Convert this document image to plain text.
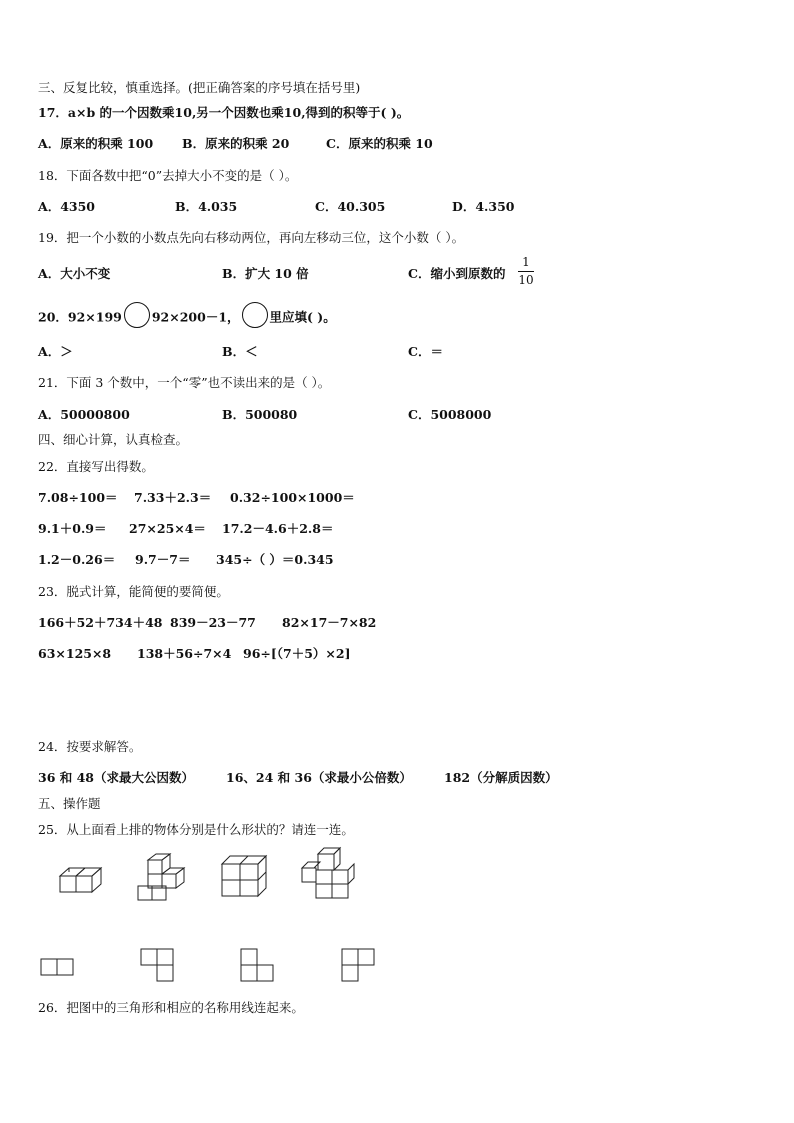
三、反复比较，慎重选择。(把正确答案的序号填在括号里)
17．a×b 的一个因数乘10,另一个因数也乘10,得到的积等于( )。
A．原来的积乘 100 B．原来的积乘 20	C．原来的积乘 10
18．下面各数中把“0”去掉大小不变的是（ ）。
A．4350	B．4.035	C．40.305	D．4.350
19．把一个小数的小数点先向右移动两位，再向左移动三位，这个小数（ ）。
A．大小不变	B．扩大 10 倍	C．缩小到原数的
1
10
20．92×199 92×200－1， 里应填( )。
A．＞	B．＜	C．＝
21．下面 3 个数中，一个“零”也不读出来的是（ ）。
A．50000800	B．500080	C．5008000
四、细心计算，认真检查。
22．直接写出得数。
7.08÷100＝ 7.33＋2.3＝ 0.32÷100×1000＝
9.1＋0.9＝ 27×25×4＝ 17.2－4.6＋2.8＝
1.2－0.26＝ 9.7－7＝ 345÷（ ）＝0.345
23．脱式计算，能简便的要简便。
166＋52＋734＋48 839－23－77 82×17－7×82
63×125×8 138＋56÷7×4 96÷[（7＋5）×2]
24．按要求解答。
36 和 48（求最大公因数）	16、24 和 36（求最小公倍数）	182（分解质因数）
五、操作题
25．从上面看上排的物体分别是什么形状的？请连一连。
26．把图中的三角形和相应的名称用线连起来。
